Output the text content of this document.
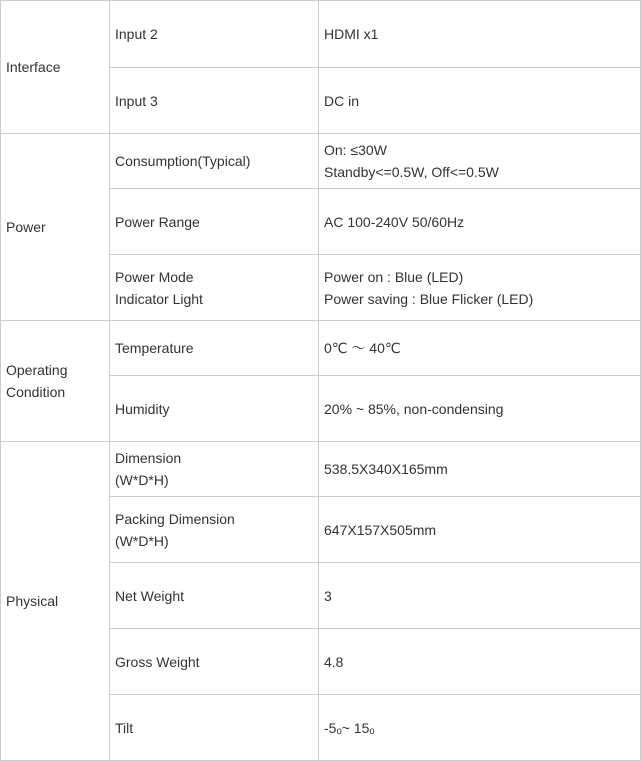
Interface	Input 2	HDMI x1

	Input 3	DC in

Power	Consumption(Typical)	On: ≤30W
Standby<=0.5W, Off<=0.5W

	Power Range	AC 100-240V 50/60Hz

	Power Mode
Indicator Light	Power on : Blue (LED)
Power saving : Blue Flicker (LED)

Operating Condition	Temperature	0℃ 〜 40℃

	Humidity	20% ~ 85%, non-condensing

Physical	Dimension
(W*D*H)	538.5X340X165mm

	Packing Dimension
(W*D*H)	647X157X505mm

	Net Weight	3

	Gross Weight	4.8

	Tilt	-5ₒ~ 15ₒ
